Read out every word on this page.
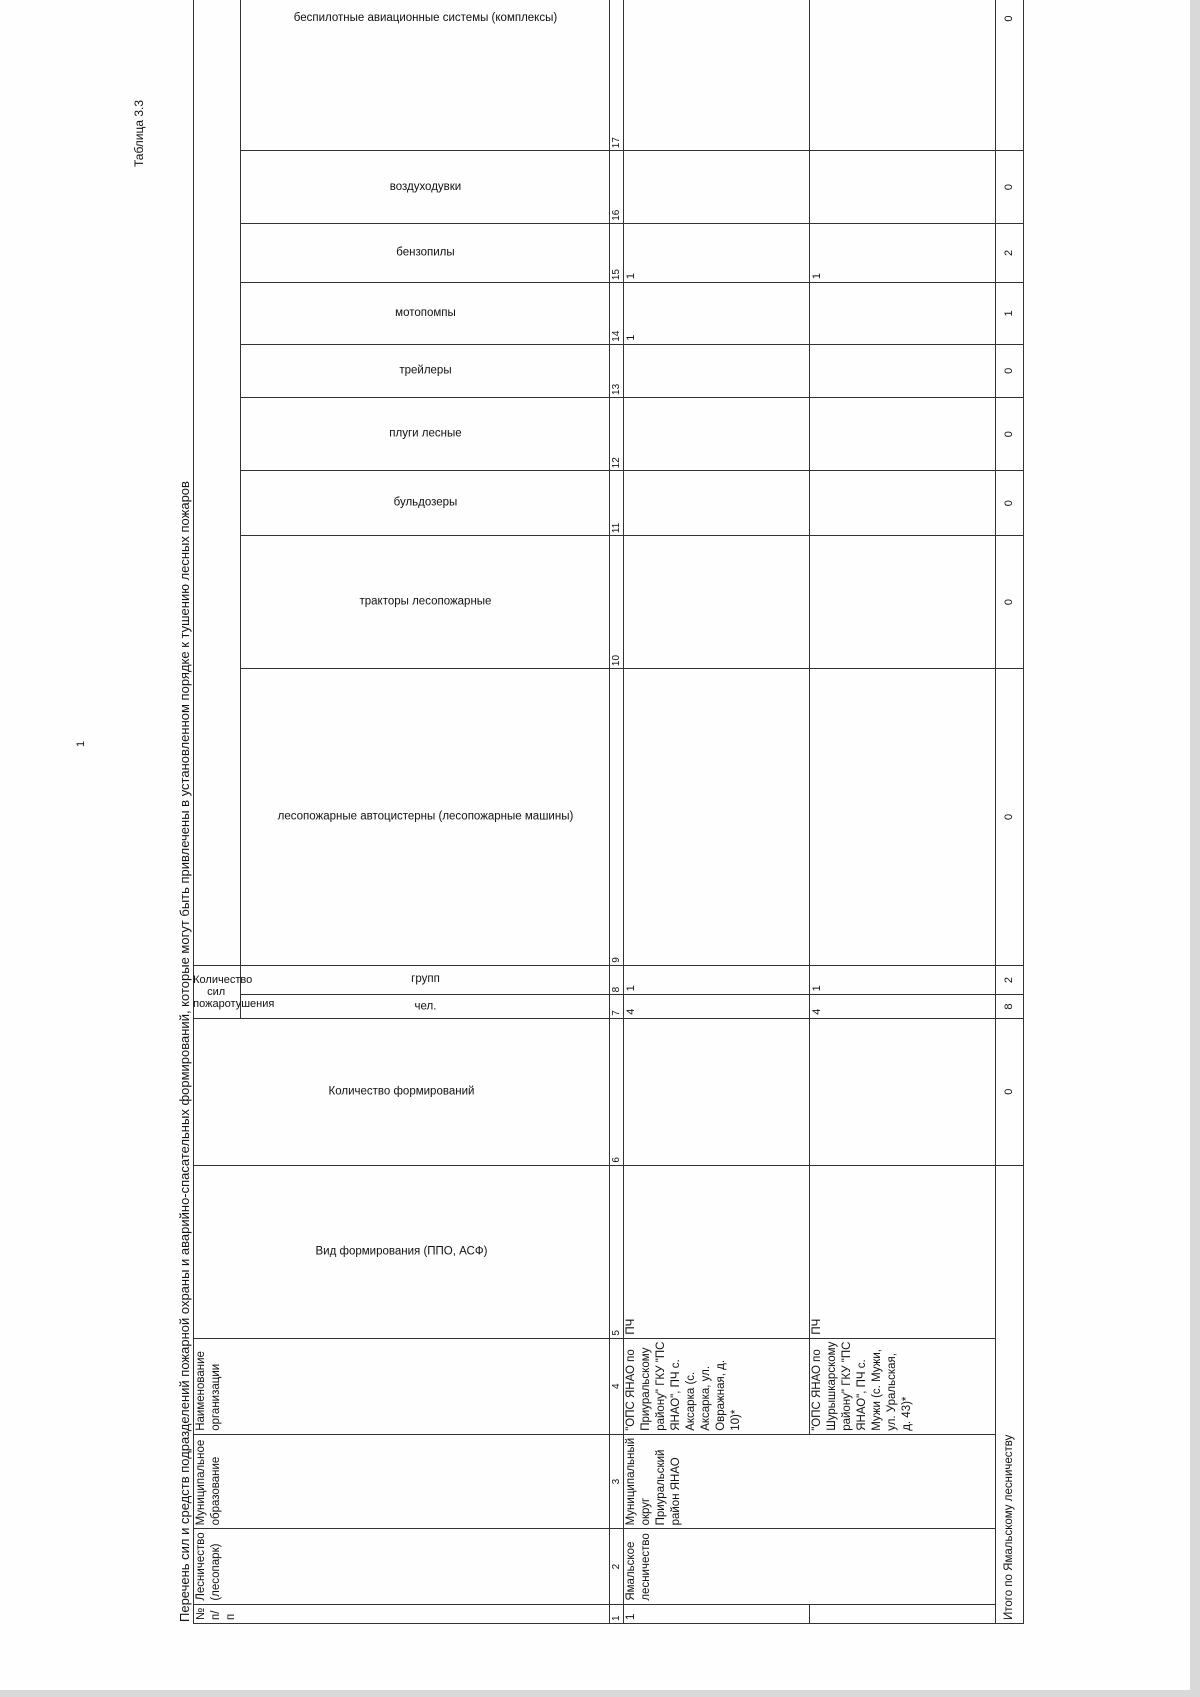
Перечень сил и средств подразделений пожарной охраны и аварийно-спасательных формирований, которые могут быть привлечены в установленном порядке к тушению лесных пожаров
Таблица 3.3
1
№ п/п	Лесничество (лесопарк)	Муниципальное образование	Наименование организации	Вид формирования (ППО, АСФ)	Количество формирований	Количество сил пожаротушения	
						чел.	групп	лесопожарные автоцистерны (лесопожарные машины)	тракторы лесопожарные	бульдозеры	плуги лесные	трейлеры	мотопомпы	бензопилы	воздуходувки	беспилотные авиационные системы (комплексы)																						

1	2	3	4	5	6	7	8	9	10	11	12	13	14	15	16	17																						
1	Ямальское лесничество	Муниципальный округ Приуральский район ЯНАО	"ОПС ЯНАО по Приуральскому району" ГКУ "ПС ЯНАО", ПЧ с. Аксарка (с. Аксарка, ул. Овражная, д. 10)*	ПЧ		4	1						1	1																								
			"ОПС ЯНАО по Шурышкарскому району" ГКУ "ПС ЯНАО", ПЧ с. Мужи (с. Мужи, ул. Уральская, д. 43)*	ПЧ		4	1							1																								
Итого по Ямальскому лесничеству					0	8	2	0	0	0	0	0	1	2	0	0																					
